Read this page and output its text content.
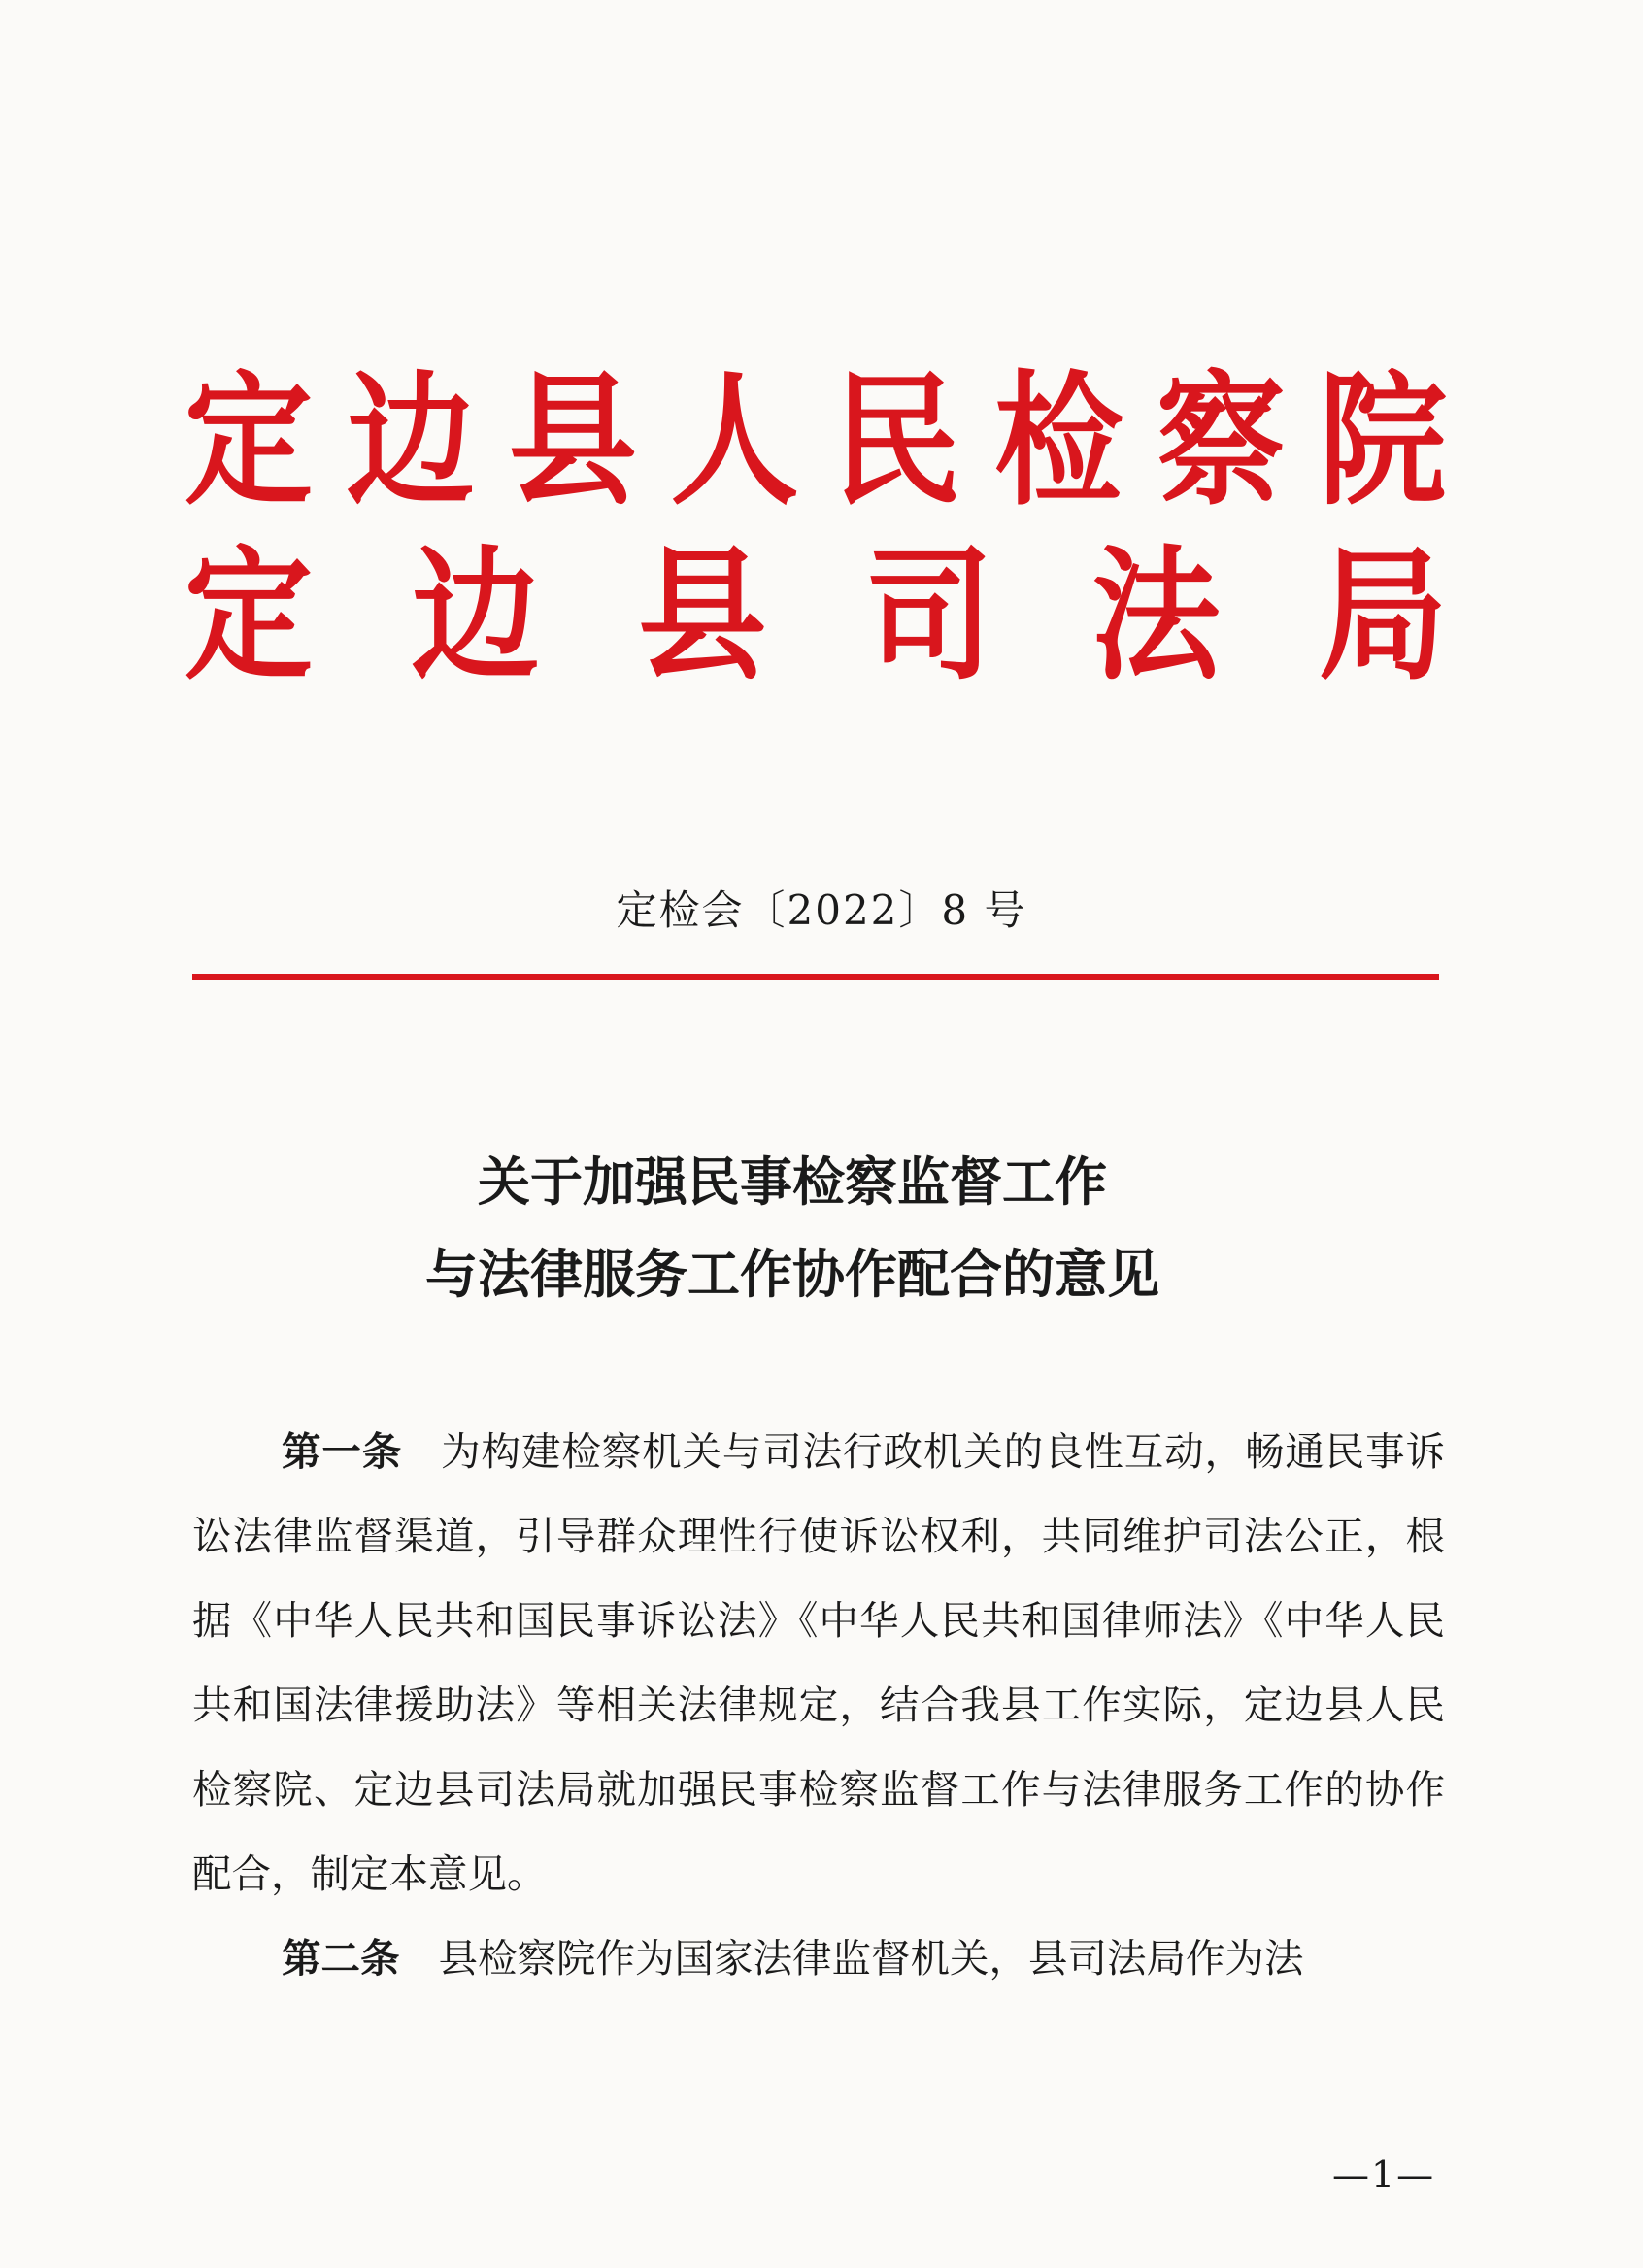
定 边 县 人 民 检 察 院
定 边 县 司 法 局
定检会〔2022〕8 号
关于加强民事检察监督工作
与法律服务工作协作配合的意见
第一条 为构建检察机关与司法行政机关的良性互动，畅通民事诉讼法律监督渠道，引导群众理性行使诉讼权利，共同维护司法公正，根据《中华人民共和国民事诉讼法》《中华人民共和国律师法》《中华人民共和国法律援助法》等相关法律规定，结合我县工作实际，定边县人民检察院、定边县司法局就加强民事检察监督工作与法律服务工作的协作配合，制定本意见。
第二条 县检察院作为国家法律监督机关，县司法局作为法
—1—
